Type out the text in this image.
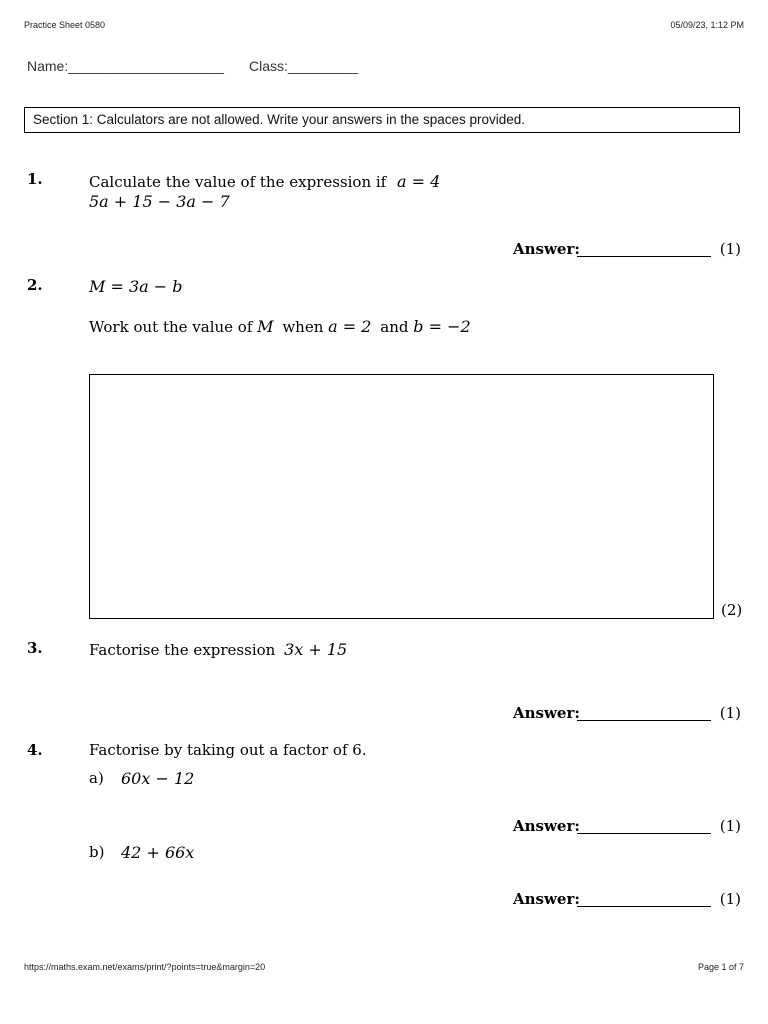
Practice Sheet 0580	05/09/23, 1:12 PM
Name:____________________ Class:_________
Section 1: Calculators are not allowed. Write your answers in the spaces provided.
1.	Calculate the value of the expression if a = 4
5a + 15 − 3a − 7
Answer:	(1)
2.	M = 3a − b
Work out the value of M when a = 2 and b = −2
(2)
3.	Factorise the expression 3x + 15
Answer:	(1)
4.	Factorise by taking out a factor of 6.
a) 60x − 12
Answer:	(1)
b) 42 + 66x
Answer:	(1)
https://maths.exam.net/exams/print/?points=true&margin=20	Page 1 of 7
